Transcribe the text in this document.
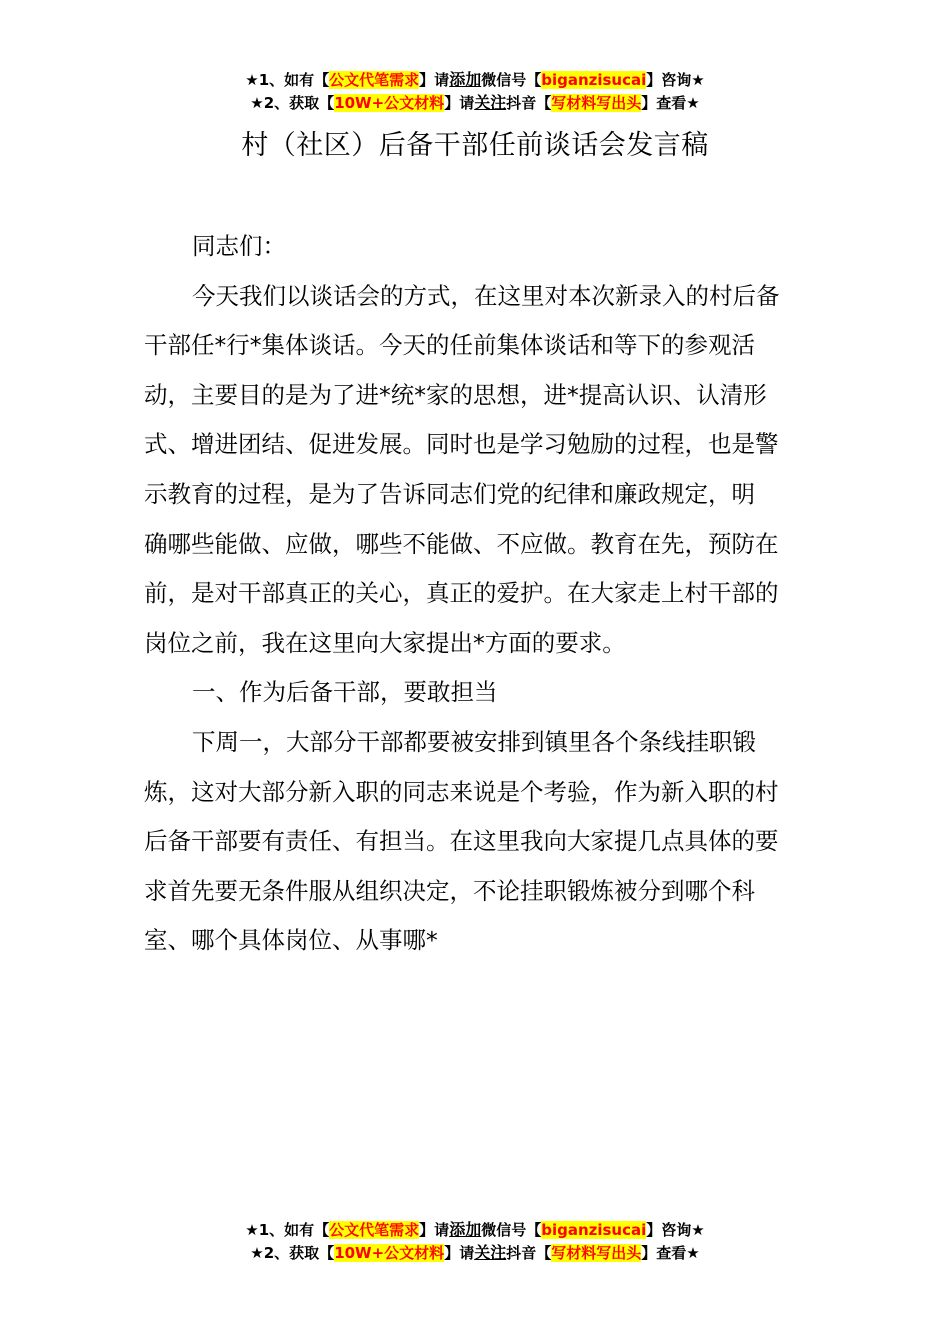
★1、如有【公文代笔需求】请添加微信号【biganzisucai】咨询★
★2、获取【10W+公文材料】请关注抖音【写材料写出头】查看★
村（社区）后备干部任前谈话会发言稿

同志们：

今天我们以谈话会的方式，在这里对本次新录入的村后备
干部任*行*集体谈话。今天的任前集体谈话和等下的参观活
动，主要目的是为了进*统*家的思想，进*提高认识、认清形
式、增进团结、促进发展。同时也是学习勉励的过程，也是警
示教育的过程，是为了告诉同志们党的纪律和廉政规定，明
确哪些能做、应做，哪些不能做、不应做。教育在先，预防在
前，是对干部真正的关心，真正的爱护。在大家走上村干部的
岗位之前，我在这里向大家提出*方面的要求。

一、作为后备干部，要敢担当

下周一，大部分干部都要被安排到镇里各个条线挂职锻
炼，这对大部分新入职的同志来说是个考验，作为新入职的村
后备干部要有责任、有担当。在这里我向大家提几点具体的要
求首先要无条件服从组织决定，不论挂职锻炼被分到哪个科
室、哪个具体岗位、从事哪*

★1、如有【公文代笔需求】请添加微信号【biganzisucai】咨询★
★2、获取【10W+公文材料】请关注抖音【写材料写出头】查看★
